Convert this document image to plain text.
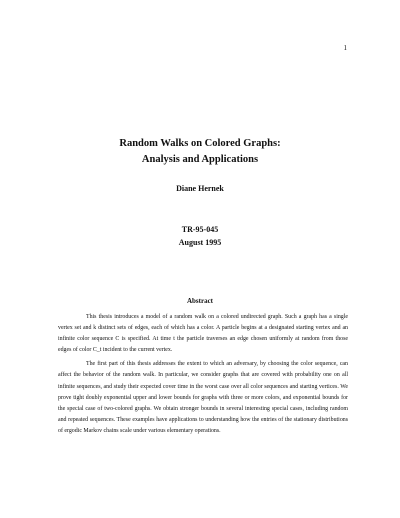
1
Random Walks on Colored Graphs:
Analysis and Applications
Diane Hernek
TR-95-045
August 1995
Abstract

This thesis introduces a model of a random walk on a colored undirected graph. Such a graph has a single vertex set and k distinct sets of edges, each of which has a color. A particle begins at a designated starting vertex and an infinite color sequence C is specified. At time t the particle traverses an edge chosen uniformly at random from those edges of color C_t incident to the current vertex.

The first part of this thesis addresses the extent to which an adversary, by choosing the color sequence, can affect the behavior of the random walk. In particular, we consider graphs that are covered with probability one on all infinite sequences, and study their expected cover time in the worst case over all color sequences and starting vertices. We prove tight doubly exponential upper and lower bounds for graphs with three or more colors, and exponential bounds for the special case of two-colored graphs. We obtain stronger bounds in several interesting special cases, including random and repeated sequences. These examples have applications to understanding how the entries of the stationary distributions of ergodic Markov chains scale under various elementary operations.
